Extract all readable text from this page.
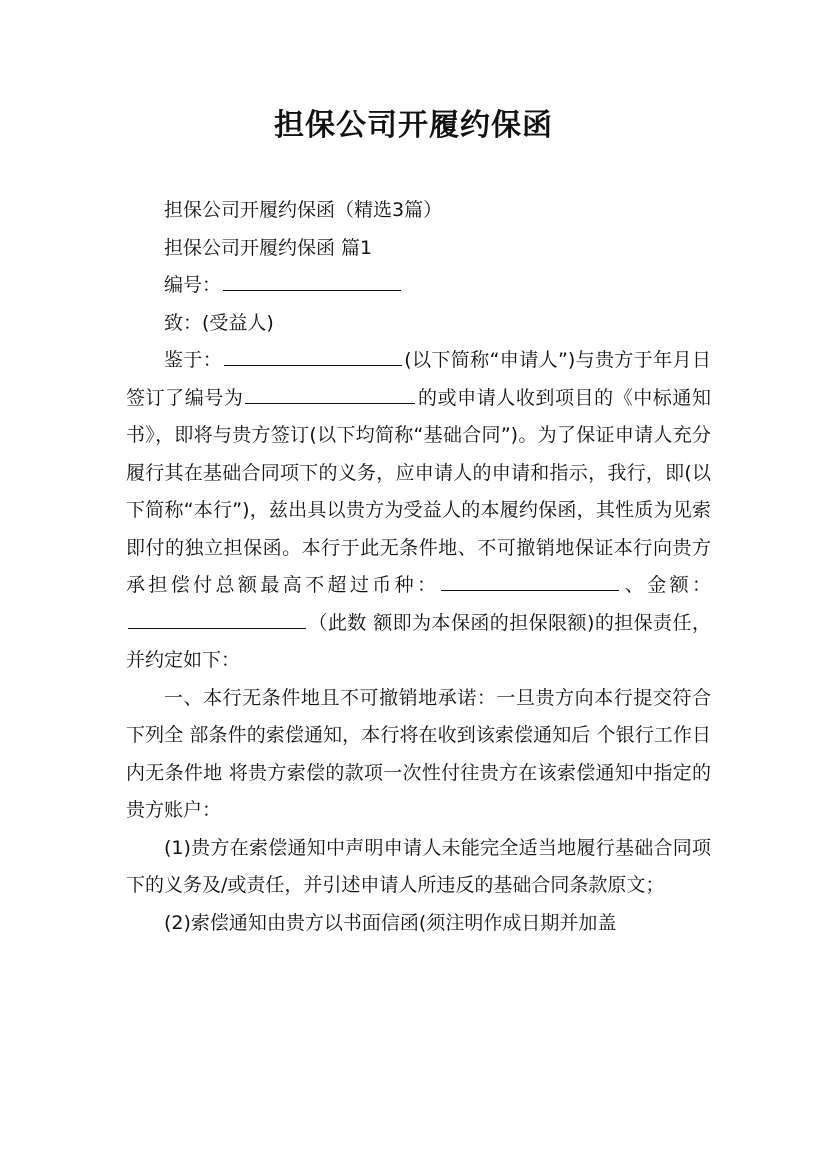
担保公司开履约保函

担保公司开履约保函（精选3篇）

担保公司开履约保函 篇1

编号：

致：(受益人)

鉴于：	(以下简称“申请人”)与贵方于年月日签订了编号为	的或申请人收到项目的《中标通知书》，即将与贵方签订(以下均简称“基础合同”)。为了保证申请人充分履行其在基础合同项下的义务，应申请人的申请和指示，我行，即(以下简称“本行”)，兹出具以贵方为受益人的本履约保函，其性质为见索即付的独立担保函。本行于此无条件地、不可撤销地保证本行向贵方承担偿付总额最高不超过币种：	、金额：（此数 额即为本保函的担保限额)的担保责任，并约定如下：

一、本行无条件地且不可撤销地承诺：一旦贵方向本行提交符合下列全 部条件的索偿通知，本行将在收到该索偿通知后 个银行工作日内无条件地 将贵方索偿的款项一次性付往贵方在该索偿通知中指定的贵方账户：

(1)贵方在索偿通知中声明申请人未能完全适当地履行基础合同项下的义务及/或责任，并引述申请人所违反的基础合同条款原文；

(2)索偿通知由贵方以书面信函(须注明作成日期并加盖
